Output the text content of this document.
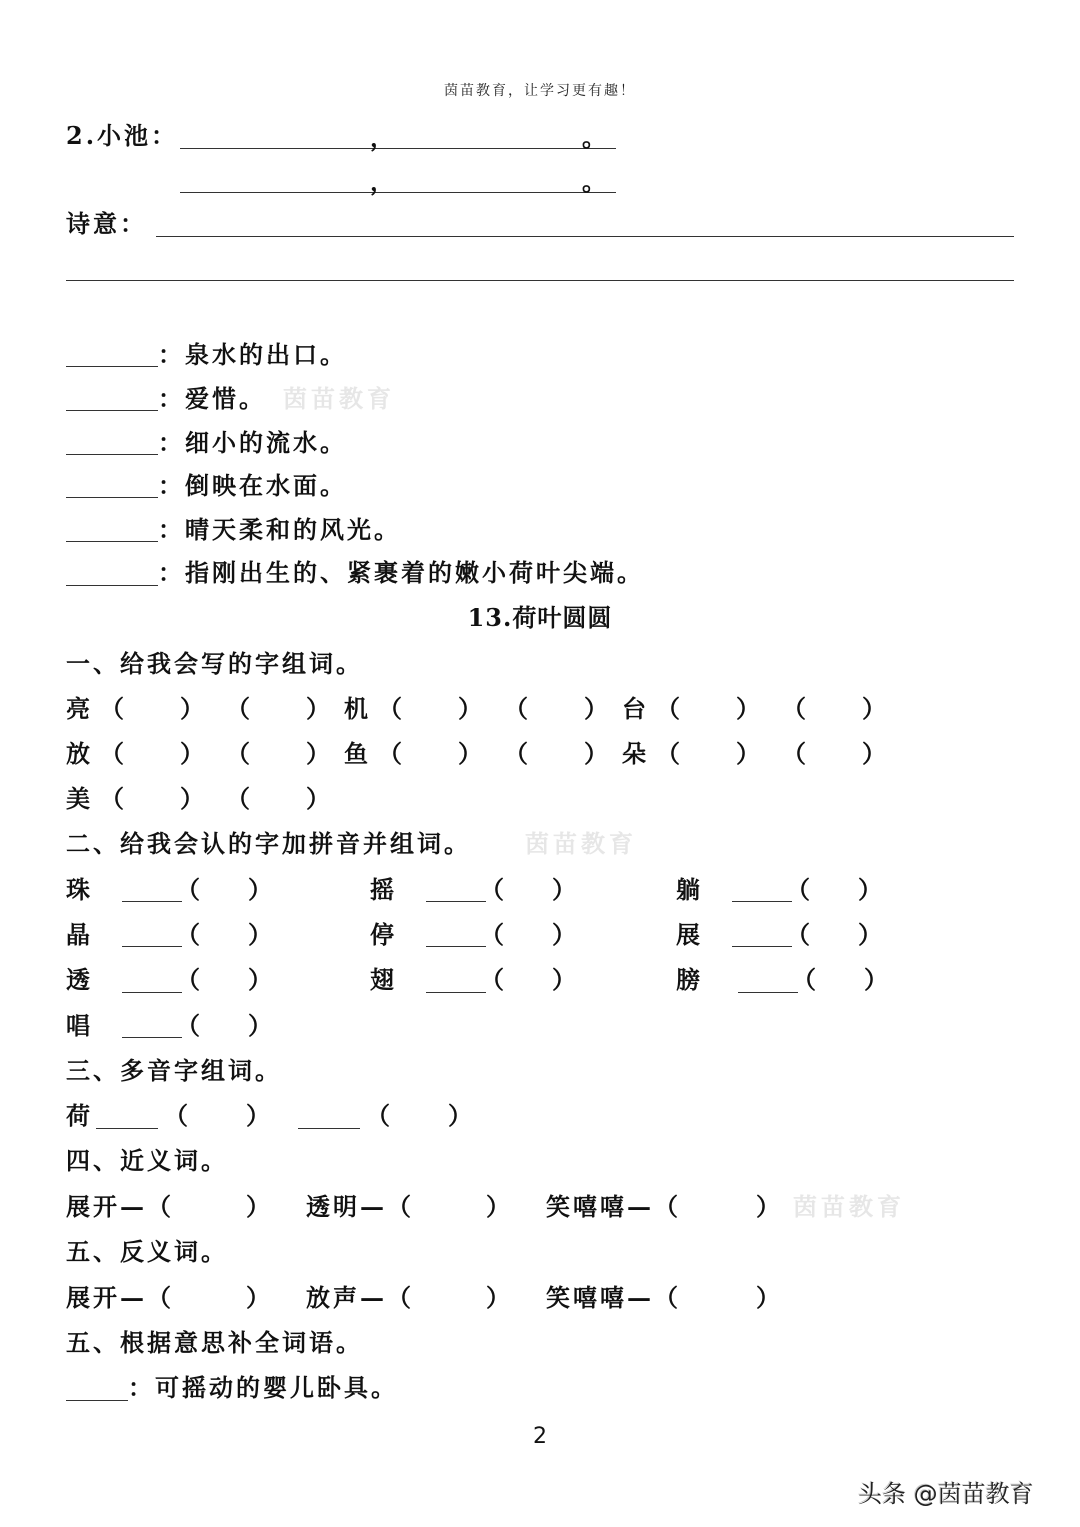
茵苗教育，让学习更有趣！
2.小池：	，	。
，	。
诗意：
：泉水的出口。
：爱惜。 茵苗教育
：细小的流水。
：倒映在水面。
：晴天柔和的风光。
：指刚出生的、紧裹着的嫩小荷叶尖端。
13.荷叶圆圆
一、给我会写的字组词。
亮 （ ） （ ） 机 （ ） （ ） 台 （ ） （ ）
放 （ ） （ ） 鱼 （ ） （ ） 朵 （ ） （ ）
美 （ ） （ ）
二、给我会认的字加拼音并组词。 茵苗教育
珠	（ ）	摇	（ ）	躺	（ ）
晶	（ ）	停	（ ）	展	（ ）
透	（ ）	翅	（ ）	膀	（ ）
唱	（ ）
三、多音字组词。
荷	（ ）	（ ）
四、近义词。
展开—（	） 透明—（	） 笑嘻嘻—（	） 茵苗教育
五、反义词。
展开—（	） 放声—（	） 笑嘻嘻—（	）
五、根据意思补全词语。
：可摇动的婴儿卧具。
2
头条 @茵苗教育
